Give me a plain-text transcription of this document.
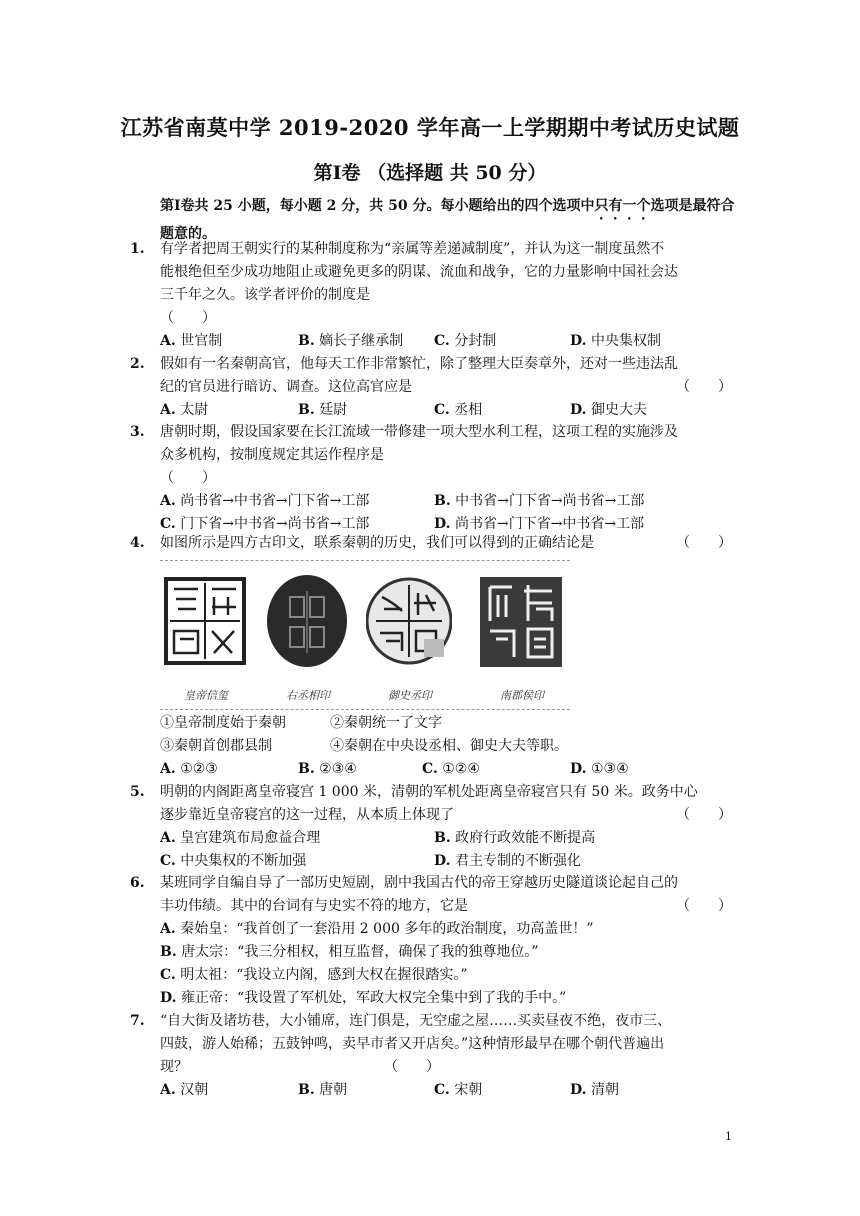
江苏省南莫中学 2019-2020 学年高一上学期期中考试历史试题
第Ⅰ卷 （选择题 共 50 分）
第Ⅰ卷共 25 小题，每小题 2 分，共 50 分。每小题给出的四个选项中只有一个选项是最符合
题意的。
1.	有学者把周王朝实行的某种制度称为“亲属等差递减制度”，并认为这一制度虽然不
能根绝但至少成功地阻止或避免更多的阴谋、流血和战争，它的力量影响中国社会达
三千年之久。该学者评价的制度是
（　　）
A. 世官制	B. 嫡长子继承制 C. 分封制	D. 中央集权制
2.	假如有一名秦朝高官，他每天工作非常繁忙，除了整理大臣奏章外，还对一些违法乱
纪的官员进行暗访、调查。这位高官应是	（　　）
A. 太尉	B. 廷尉	C. 丞相	D. 御史大夫
3.	唐朝时期，假设国家要在长江流域一带修建一项大型水利工程，这项工程的实施涉及
众多机构，按制度规定其运作程序是
（　　）
A. 尚书省→中书省→门下省→工部	B. 中书省→门下省→尚书省→工部
C. 门下省→中书省→尚书省→工部	D. 尚书省→门下省→中书省→工部
4.	如图所示是四方古印文，联系秦朝的历史，我们可以得到的正确结论是	（　　）
皇帝信玺	右丞相印	御史丞印	南郡侯印
①皇帝制度始于秦朝	②秦朝统一了文字
③秦朝首创郡县制	④秦朝在中央设丞相、御史大夫等职。
A. ①②③	B. ②③④	C. ①②④	D. ①③④
5.	明朝的内阁距离皇帝寝宫 1 000 米，清朝的军机处距离皇帝寝宫只有 50 米。政务中心
逐步靠近皇帝寝宫的这一过程，从本质上体现了	（　　）
A. 皇宫建筑布局愈益合理	B. 政府行政效能不断提高
C. 中央集权的不断加强	D. 君主专制的不断强化
6.	某班同学自编自导了一部历史短剧，剧中我国古代的帝王穿越历史隧道谈论起自己的
丰功伟绩。其中的台词有与史实不符的地方，它是	（　　）
A. 秦始皇：“我首创了一套沿用 2 000 多年的政治制度，功高盖世！”
B. 唐太宗：“我三分相权，相互监督，确保了我的独尊地位。”
C. 明太祖：“我设立内阁，感到大权在握很踏实。”
D. 雍正帝：“我设置了军机处，军政大权完全集中到了我的手中。”
7.	“自大街及诸坊巷，大小铺席，连门俱是，无空虚之屋……买卖昼夜不绝，夜市三、
四鼓，游人始稀；五鼓钟鸣，卖早市者又开店矣。”这种情形最早在哪个朝代普遍出
现？	（　　）
A. 汉朝	B. 唐朝	C. 宋朝	D. 清朝
1
